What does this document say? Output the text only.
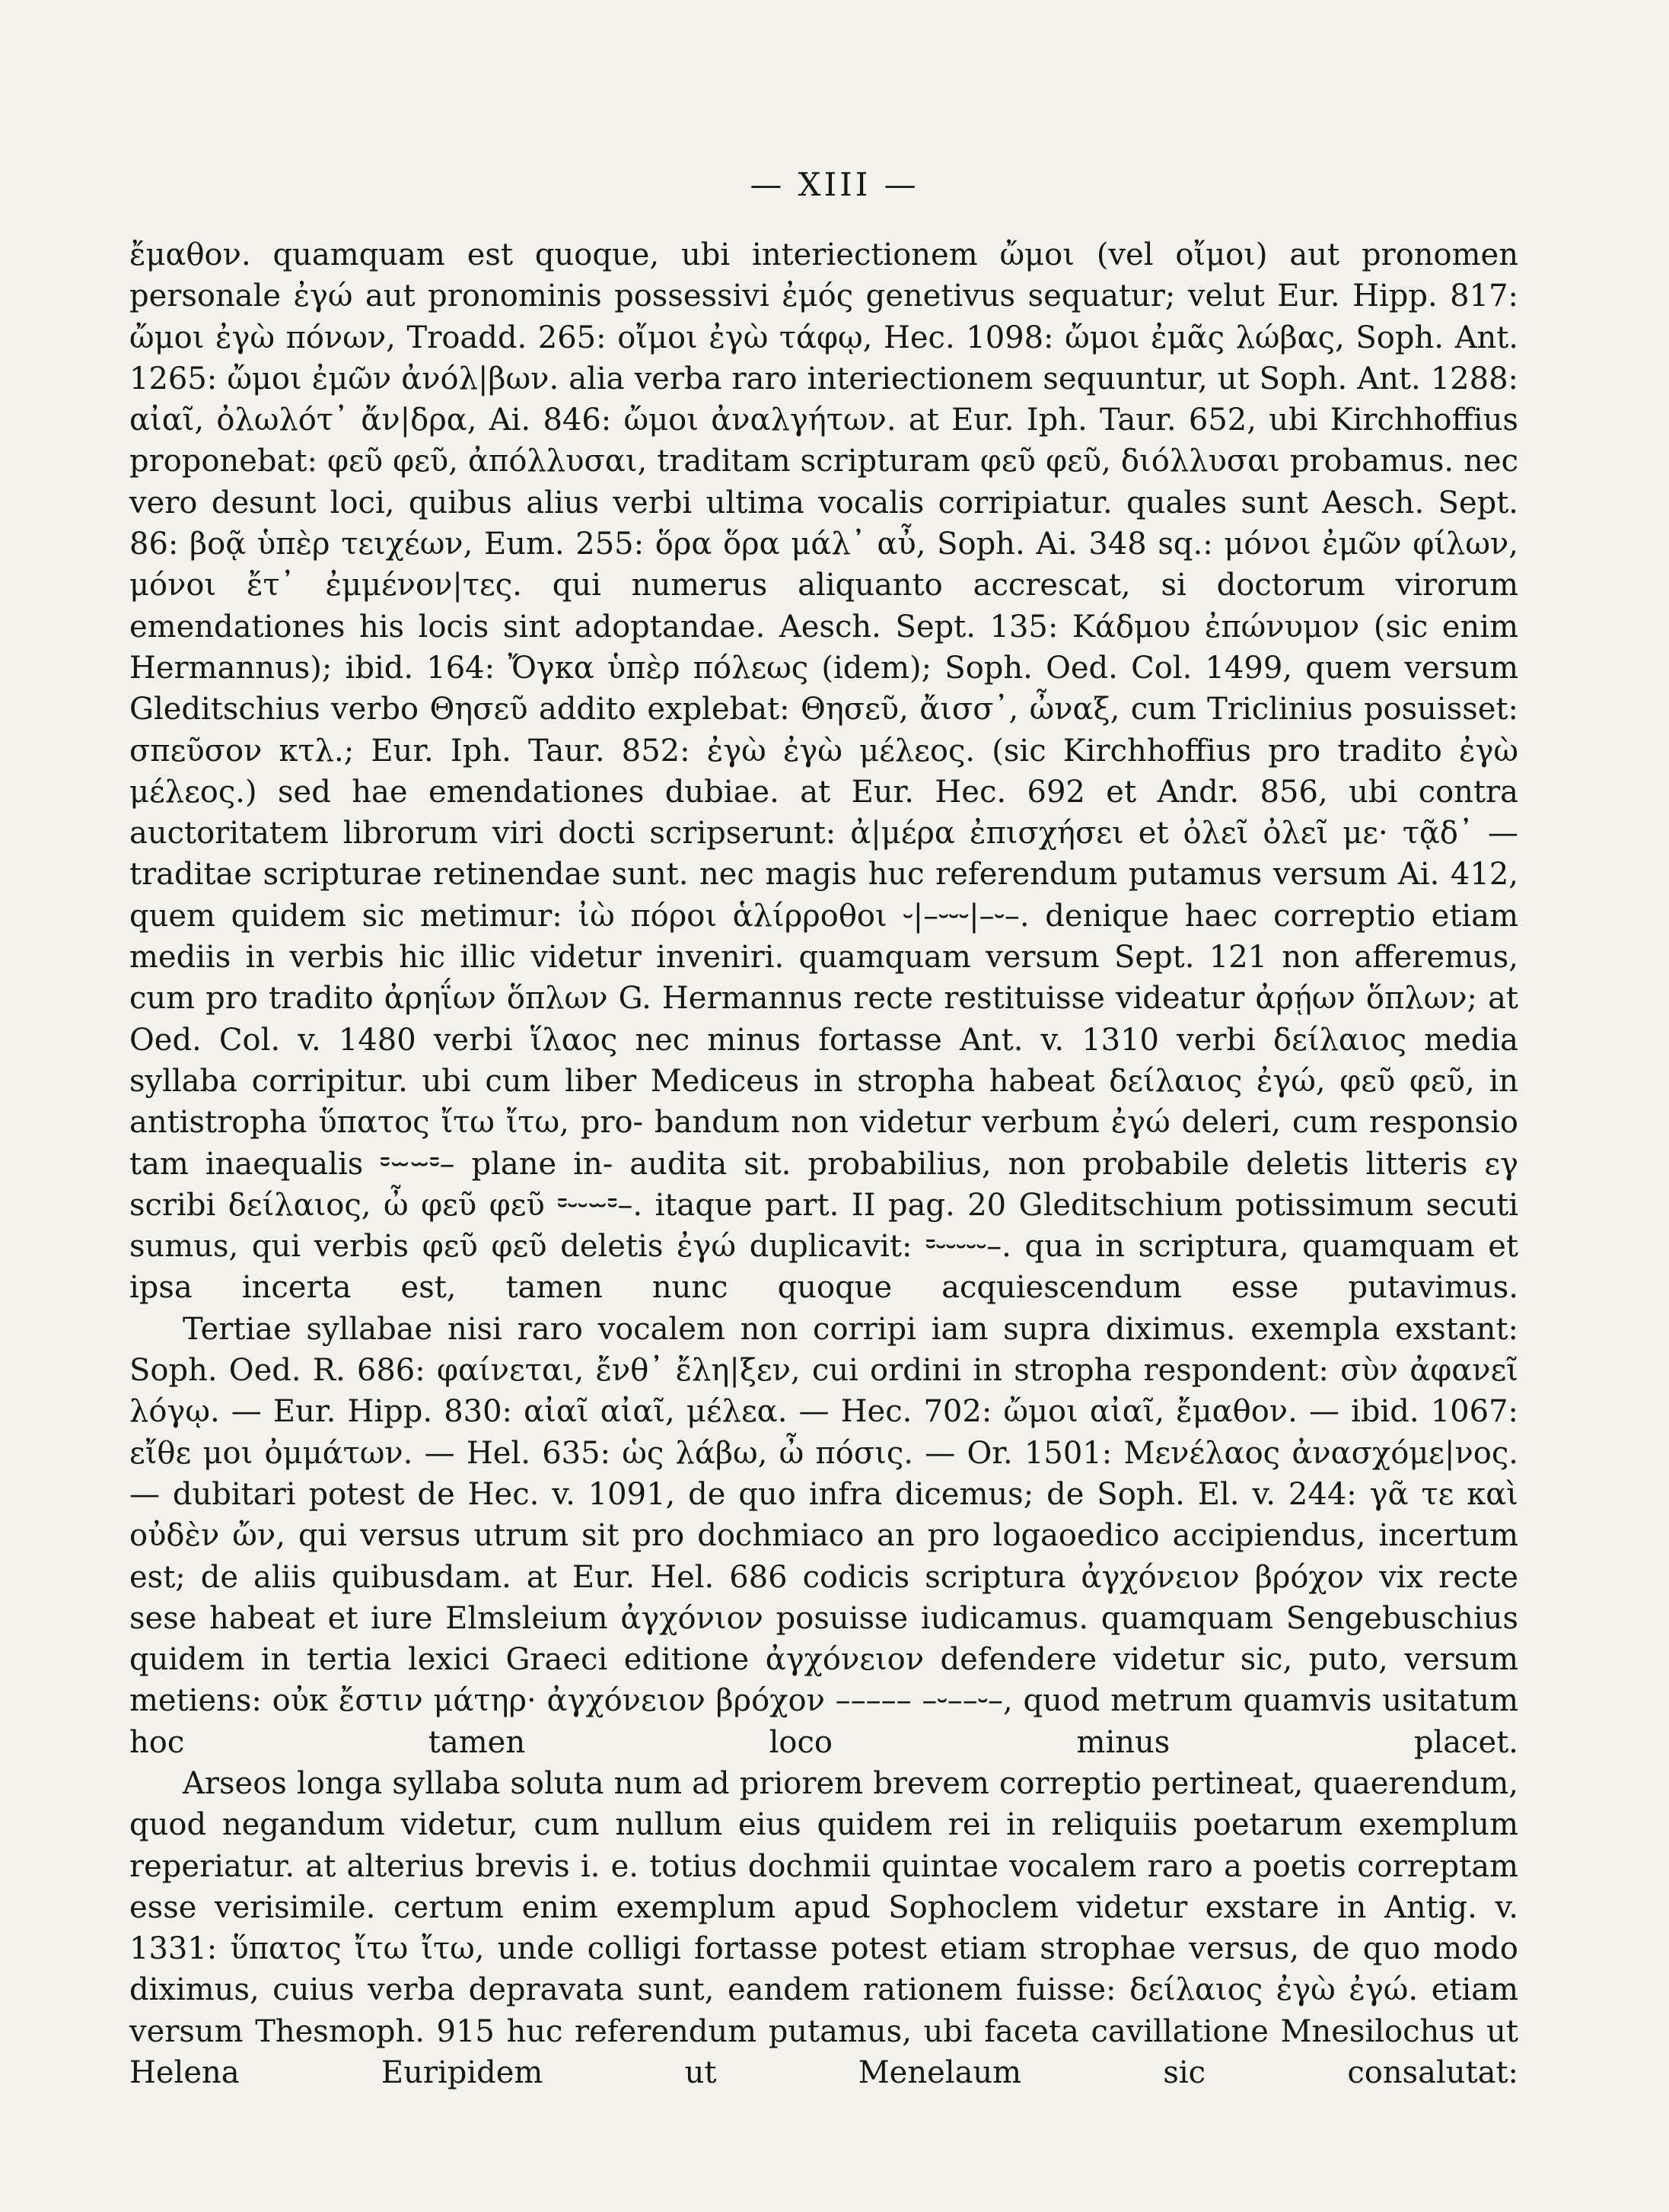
— XIII —

ἔμαθον. quamquam est quoque, ubi interiectionem ὤμοι (vel οἴμοι) aut pronomen personale ἐγώ aut pronominis possessivi ἐμός genetivus sequatur; velut Eur. Hipp. 817: ὤμοι ἐγὼ πόνων, Troadd. 265: οἴμοι ἐγὼ τάφῳ, Hec. 1098: ὤμοι ἐμᾶς λώβας, Soph. Ant. 1265: ὤμοι ἐμῶν ἀνόλ|βων. alia verba raro interiectionem sequuntur, ut Soph. Ant. 1288: αἰαῖ, ὀλωλότ᾽ ἄν|δρα, Ai. 846: ὤμοι ἀναλγήτων. at Eur. Iph. Taur. 652, ubi Kirchhoffius proponebat: φεῦ φεῦ, ἀπόλλυσαι, traditam scripturam φεῦ φεῦ, διόλλυσαι probamus. nec vero desunt loci, quibus alius verbi ultima vocalis corripiatur. quales sunt Aesch. Sept. 86: βοᾷ ὑπὲρ τειχέων, Eum. 255: ὅρα ὅρα μάλ᾽ αὖ, Soph. Ai. 348 sq.: μόνοι ἐμῶν φίλων, μόνοι ἔτ᾽ ἐμμένον|τες. qui numerus aliquanto accrescat, si doctorum virorum emendationes his locis sint adoptandae. Aesch. Sept. 135: Κάδμου ἐπώνυμον (sic enim Hermannus); ibid. 164: Ὄγκα ὑπὲρ πόλεως (idem); Soph. Oed. Col. 1499, quem versum Gleditschius verbo Θησεῦ addito explebat: Θησεῦ, ἄισσ᾽, ὦναξ, cum Triclinius posuisset: σπεῦσον κτλ.; Eur. Iph. Taur. 852: ἐγὼ ἐγὼ μέλεος. (sic Kirchhoffius pro tradito ἐγὼ μέλεος.) sed hae emendationes dubiae. at Eur. Hec. 692 et Andr. 856, ubi contra auctoritatem librorum viri docti scripserunt: ἀ|μέρα ἐπισχήσει et ὀλεῖ ὀλεῖ με· τᾷδ᾽ — traditae scripturae retinendae sunt. nec magis huc referendum putamus versum Ai. 412, quem quidem sic metimur: ἰὼ πόροι ἁλίρροθοι ⏑|–⏑⏑⏑|–⏑–. denique haec correptio etiam mediis in verbis hic illic videtur inveniri. quamquam versum Sept. 121 non afferemus, cum pro tradito ἀρηΐων ὅπλων G. Hermannus recte restituisse videatur ἀρῄων ὅπλων; at Oed. Col. v. 1480 verbi ἵλαος nec minus fortasse Ant. v. 1310 verbi δείλαιος media syllaba corripitur. ubi cum liber Mediceus in stropha habeat δείλαιος ἐγώ, φεῦ φεῦ, in antistropha ὕπατος ἴτω ἴτω, pro- bandum non videtur verbum ἐγώ deleri, cum responsio tam inaequalis ⏒⏖⏖⏒– plane in- audita sit. probabilius, non probabile deletis litteris εγ scribi δείλαιος, ὦ φεῦ φεῦ ⏒⏑⏑⏖⏒–. itaque part. II pag. 20 Gleditschium potissimum secuti sumus, qui verbis φεῦ φεῦ deletis ἐγώ duplicavit: ⏒⏑⏑⏑⏑⏑–. qua in scriptura, quamquam et ipsa incerta est, tamen nunc quoque acquiescendum esse putavimus.

Tertiae syllabae nisi raro vocalem non corripi iam supra diximus. exempla exstant: Soph. Oed. R. 686: φαίνεται, ἔνθ᾽ ἔλη|ξεν, cui ordini in stropha respondent: σὺν ἀφανεῖ λόγῳ. — Eur. Hipp. 830: αἰαῖ αἰαῖ, μέλεα. — Hec. 702: ὤμοι αἰαῖ, ἔμαθον. — ibid. 1067: εἴθε μοι ὀμμάτων. — Hel. 635: ὡς λάβω, ὦ πόσις. — Or. 1501: Μενέλαος ἀνασχόμε|νος. — dubitari potest de Hec. v. 1091, de quo infra dicemus; de Soph. El. v. 244: γᾶ τε καὶ οὐδὲν ὤν, qui versus utrum sit pro dochmiaco an pro logaoedico accipiendus, incertum est; de aliis quibusdam. at Eur. Hel. 686 codicis scriptura ἀγχόνειον βρόχον vix recte sese habeat et iure Elmsleium ἀγχόνιον posuisse iudicamus. quamquam Sengebuschius quidem in tertia lexici Graeci editione ἀγχόνειον defendere videtur sic, puto, versum metiens: οὐκ ἔστιν μάτηρ· ἀγχόνειον βρόχον ––––– –⏑––⏑–, quod metrum quamvis usitatum hoc tamen loco minus placet.

Arseos longa syllaba soluta num ad priorem brevem correptio pertineat, quaerendum, quod negandum videtur, cum nullum eius quidem rei in reliquiis poetarum exemplum reperiatur. at alterius brevis i. e. totius dochmii quintae vocalem raro a poetis correptam esse verisimile. certum enim exemplum apud Sophoclem videtur exstare in Antig. v. 1331: ὕπατος ἴτω ἴτω, unde colligi fortasse potest etiam strophae versus, de quo modo diximus, cuius verba depravata sunt, eandem rationem fuisse: δείλαιος ἐγὼ ἐγώ. etiam versum Thesmoph. 915 huc referendum putamus, ubi faceta cavillatione Mnesilochus ut Helena Euripidem ut Menelaum sic consalutat:
